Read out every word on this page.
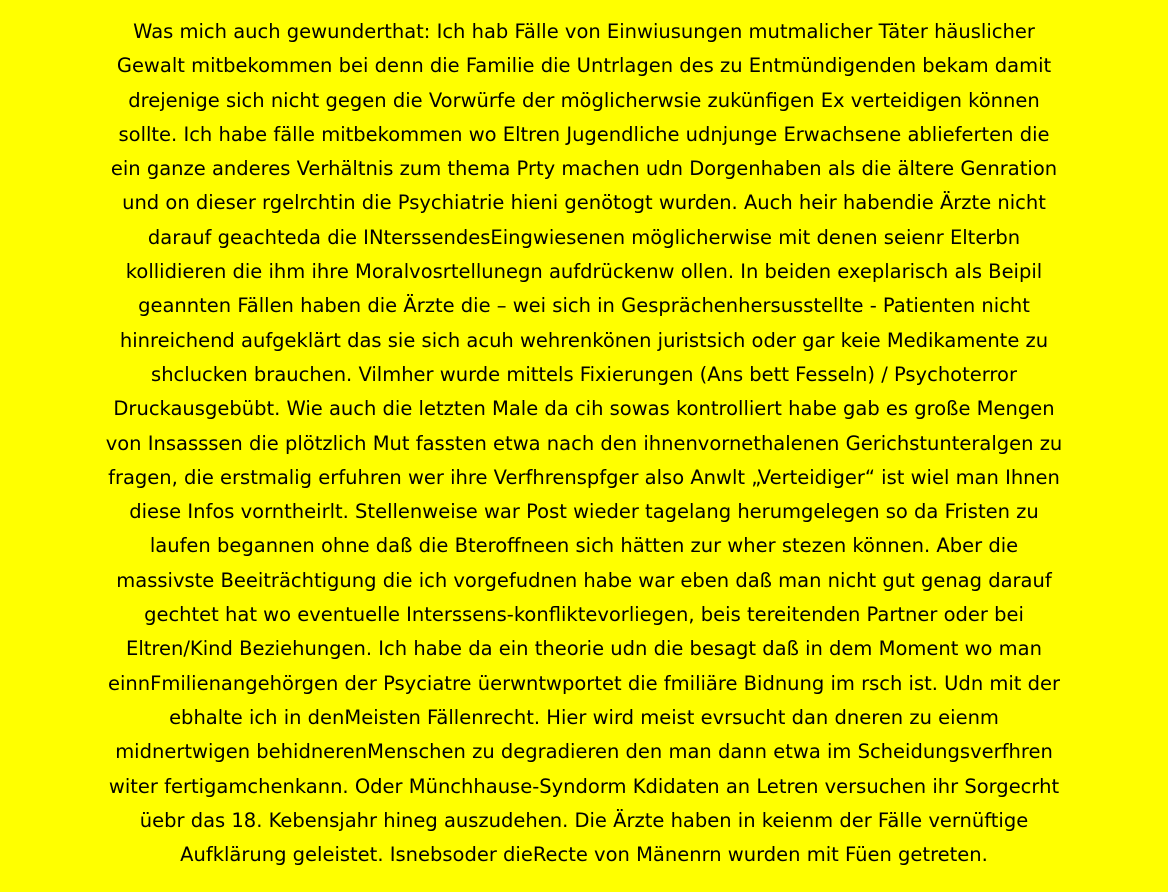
Was mich auch gewunderthat: Ich hab Fälle von Einwiusungen mutmalicher Täter häuslicher
Gewalt mitbekommen bei denn die Familie die Untrlagen des zu Entmündigenden bekam damit
drejenige sich nicht gegen die Vorwürfe der möglicherwsie zukünfigen Ex verteidigen können
sollte. Ich habe fälle mitbekommen wo Eltren Jugendliche udnjunge Erwachsene ablieferten die
ein ganze anderes Verhältnis zum thema Prty machen udn Dorgenhaben als die ältere Genration
und on dieser rgelrchtin die Psychiatrie hieni genötogt wurden. Auch heir habendie Ärzte nicht
darauf geachteda die INterssendesEingwiesenen möglicherwise mit denen seienr Elterbn
kollidieren die ihm ihre Moralvosrtellunegn aufdrückenw ollen. In beiden exeplarisch als Beipil
geannten Fällen haben die Ärzte die – wei sich in Gesprächenhersusstellte - Patienten nicht
hinreichend aufgeklärt das sie sich acuh wehrenkönen juristsich oder gar keie Medikamente zu
shclucken brauchen. Vilmher wurde mittels Fixierungen (Ans bett Fesseln) / Psychoterror
Druckausgebübt. Wie auch die letzten Male da cih sowas kontrolliert habe gab es große Mengen
von Insasssen die plötzlich Mut fassten etwa nach den ihnenvornethalenen Gerichstunteralgen zu
fragen, die erstmalig erfuhren wer ihre Verfhrenspfger also Anwlt „Verteidiger“ ist wiel man Ihnen
diese Infos vorntheirlt. Stellenweise war Post wieder tagelang herumgelegen so da Fristen zu
laufen begannen ohne daß die Bteroffneen sich hätten zur wher stezen können. Aber die
massivste Beeiträchtigung die ich vorgefudnen habe war eben daß man nicht gut genag darauf
gechtet hat wo eventuelle Interssens-konfliktevorliegen, beis tereitenden Partner oder bei
Eltren/Kind Beziehungen. Ich habe da ein theorie udn die besagt daß in dem Moment wo man
einnFmilienangehörgen der Psyciatre üerwntwportet die fmiliäre Bidnung im rsch ist. Udn mit der
ebhalte ich in denMeisten Fällenrecht. Hier wird meist evrsucht dan dneren zu eienm
midnertwigen behidnerenMenschen zu degradieren den man dann etwa im Scheidungsverfhren
witer fertigamchenkann. Oder Münchhause-Syndorm Kdidaten an Letren versuchen ihr Sorgecrht
üebr das 18. Kebensjahr hineg auszudehen. Die Ärzte haben in keienm der Fälle vernüftige
Aufklärung geleistet. Isnebsoder dieRecte von Mänenrn wurden mit Füen getreten.
